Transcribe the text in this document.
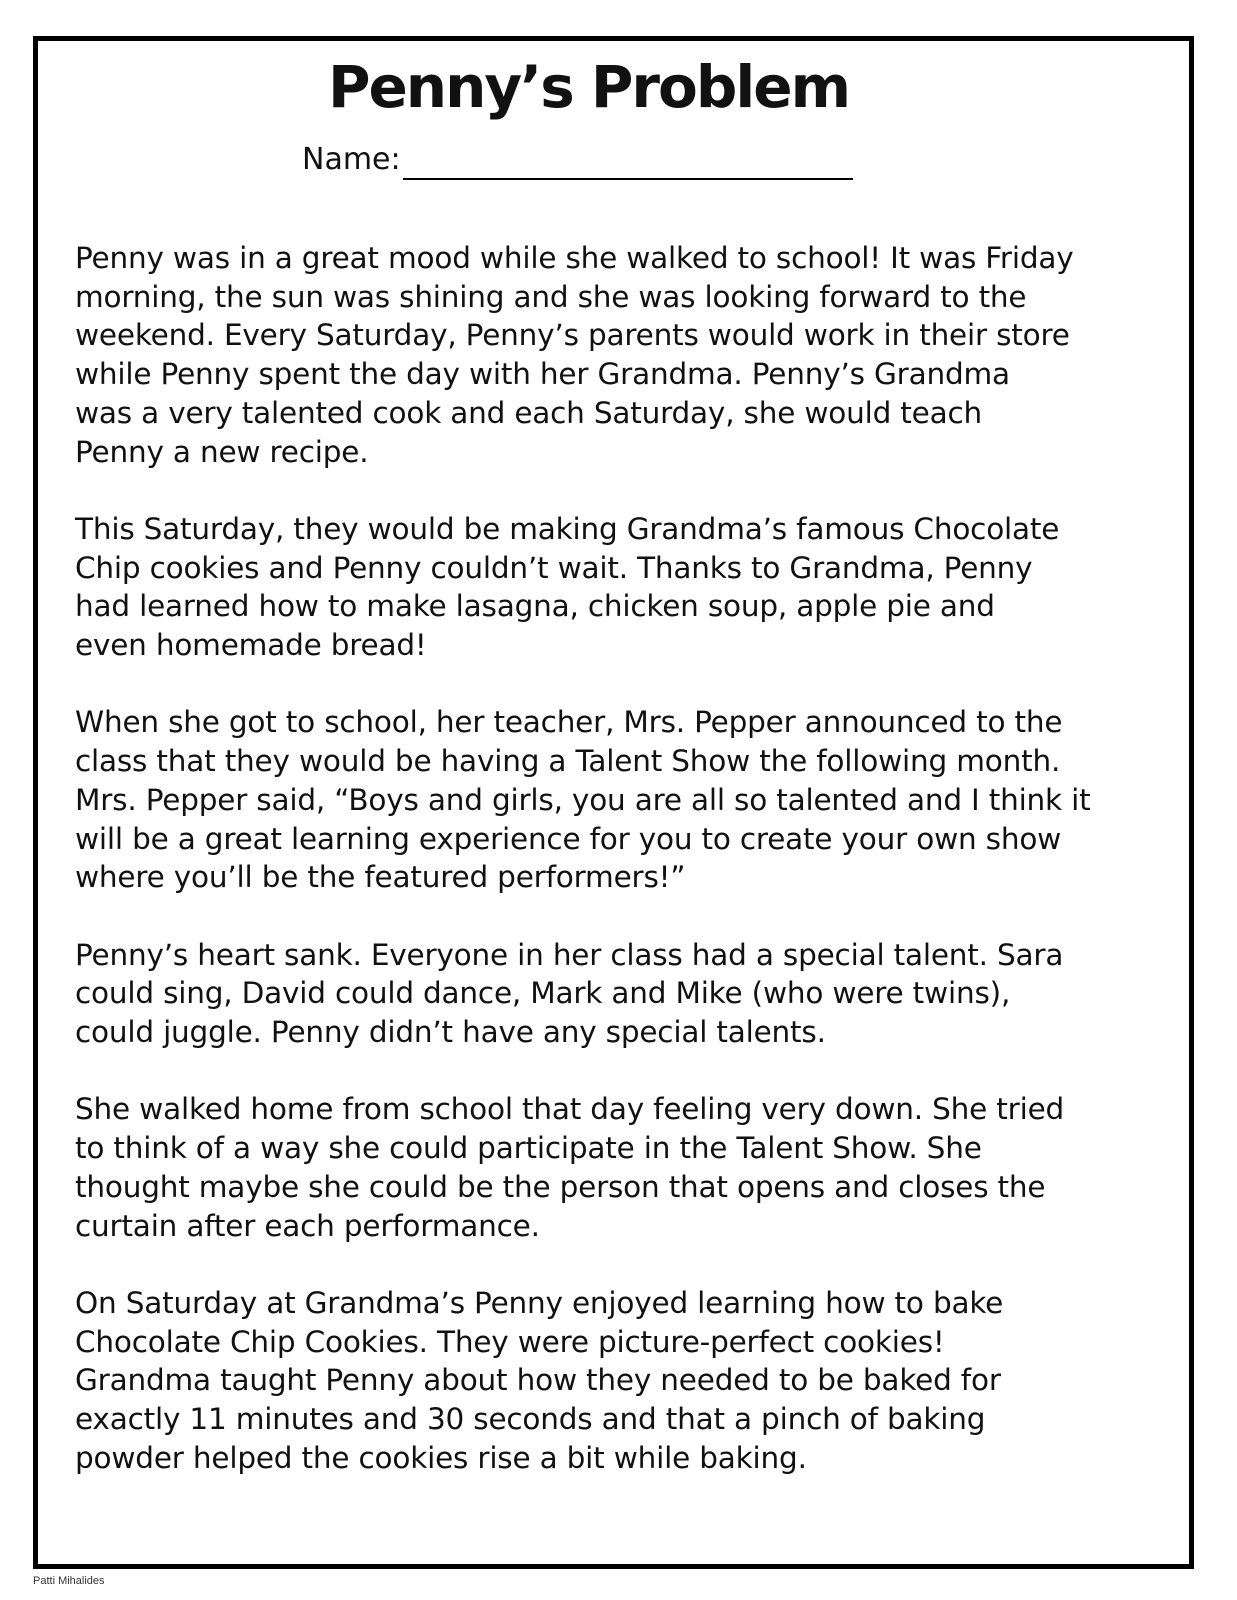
Penny’s Problem
Name:

Penny was in a great mood while she walked to school! It was Friday
morning, the sun was shining and she was looking forward to the
weekend. Every Saturday, Penny’s parents would work in their store
while Penny spent the day with her Grandma. Penny’s Grandma
was a very talented cook and each Saturday, she would teach
Penny a new recipe.

This Saturday, they would be making Grandma’s famous Chocolate
Chip cookies and Penny couldn’t wait. Thanks to Grandma, Penny
had learned how to make lasagna, chicken soup, apple pie and
even homemade bread!

When she got to school, her teacher, Mrs. Pepper announced to the
class that they would be having a Talent Show the following month.
Mrs. Pepper said, “Boys and girls, you are all so talented and I think it
will be a great learning experience for you to create your own show
where you’ll be the featured performers!”

Penny’s heart sank. Everyone in her class had a special talent. Sara
could sing, David could dance, Mark and Mike (who were twins),
could juggle. Penny didn’t have any special talents.

She walked home from school that day feeling very down. She tried
to think of a way she could participate in the Talent Show. She
thought maybe she could be the person that opens and closes the
curtain after each performance.

On Saturday at Grandma’s Penny enjoyed learning how to bake
Chocolate Chip Cookies. They were picture-perfect cookies!
Grandma taught Penny about how they needed to be baked for
exactly 11 minutes and 30 seconds and that a pinch of baking
powder helped the cookies rise a bit while baking.

Patti Mihalides
